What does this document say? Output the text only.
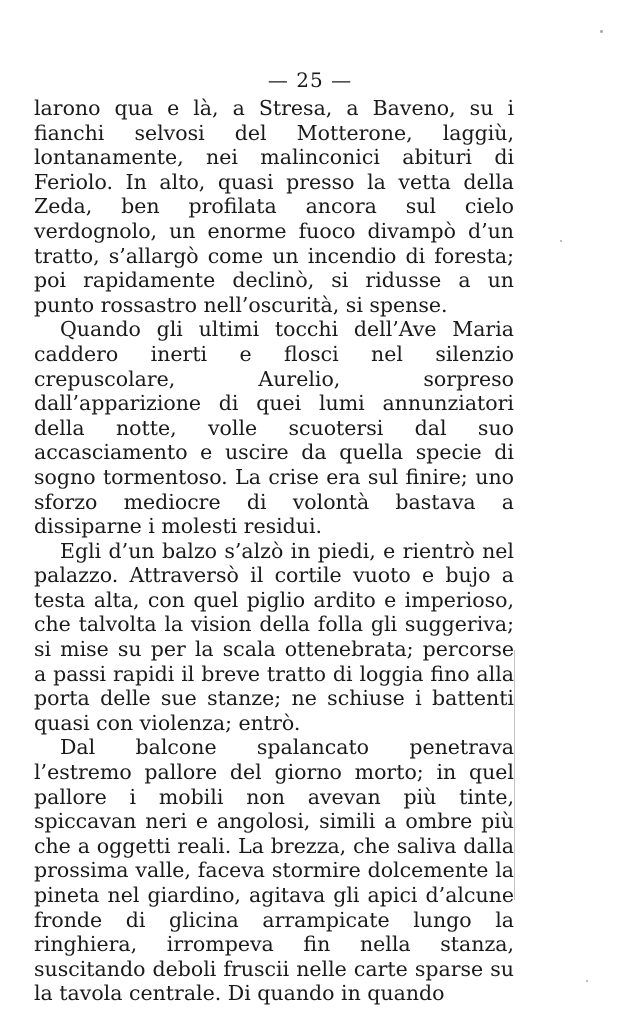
— 25 —

larono qua e là, a Stresa, a Baveno, su i fianchi selvosi del Motterone, laggiù, lontanamente, nei malinconici abituri di Feriolo. In alto, quasi presso la vetta della Zeda, ben profilata ancora sul cielo verdognolo, un enorme fuoco divampò d’un tratto, s’allargò come un incendio di foresta; poi rapidamente declinò, si ridusse a un punto rossastro nell’oscurità, si spense.

Quando gli ultimi tocchi dell’Ave Maria caddero inerti e flosci nel silenzio crepuscolare, Aurelio, sorpreso dall’apparizione di quei lumi annunziatori della notte, volle scuotersi dal suo accasciamento e uscire da quella specie di sogno tormentoso. La crise era sul finire; uno sforzo mediocre di volontà bastava a dissiparne i molesti residui.

Egli d’un balzo s’alzò in piedi, e rientrò nel palazzo. Attraversò il cortile vuoto e bujo a testa alta, con quel piglio ardito e imperioso, che talvolta la vision della folla gli suggeriva; si mise su per la scala ottenebrata; percorse a passi rapidi il breve tratto di loggia fino alla porta delle sue stanze; ne schiuse i battenti quasi con violenza; entrò.

Dal balcone spalancato penetrava l’estremo pallore del giorno morto; in quel pallore i mobili non avevan più tinte, spiccavan neri e angolosi, simili a ombre più che a oggetti reali. La brezza, che saliva dalla prossima valle, faceva stormire dolcemente la pineta nel giardino, agitava gli apici d’alcune fronde di glicina arrampicate lungo la ringhiera, irrompeva fin nella stanza, suscitando deboli fruscii nelle carte sparse su la tavola centrale. Di quando in quando
